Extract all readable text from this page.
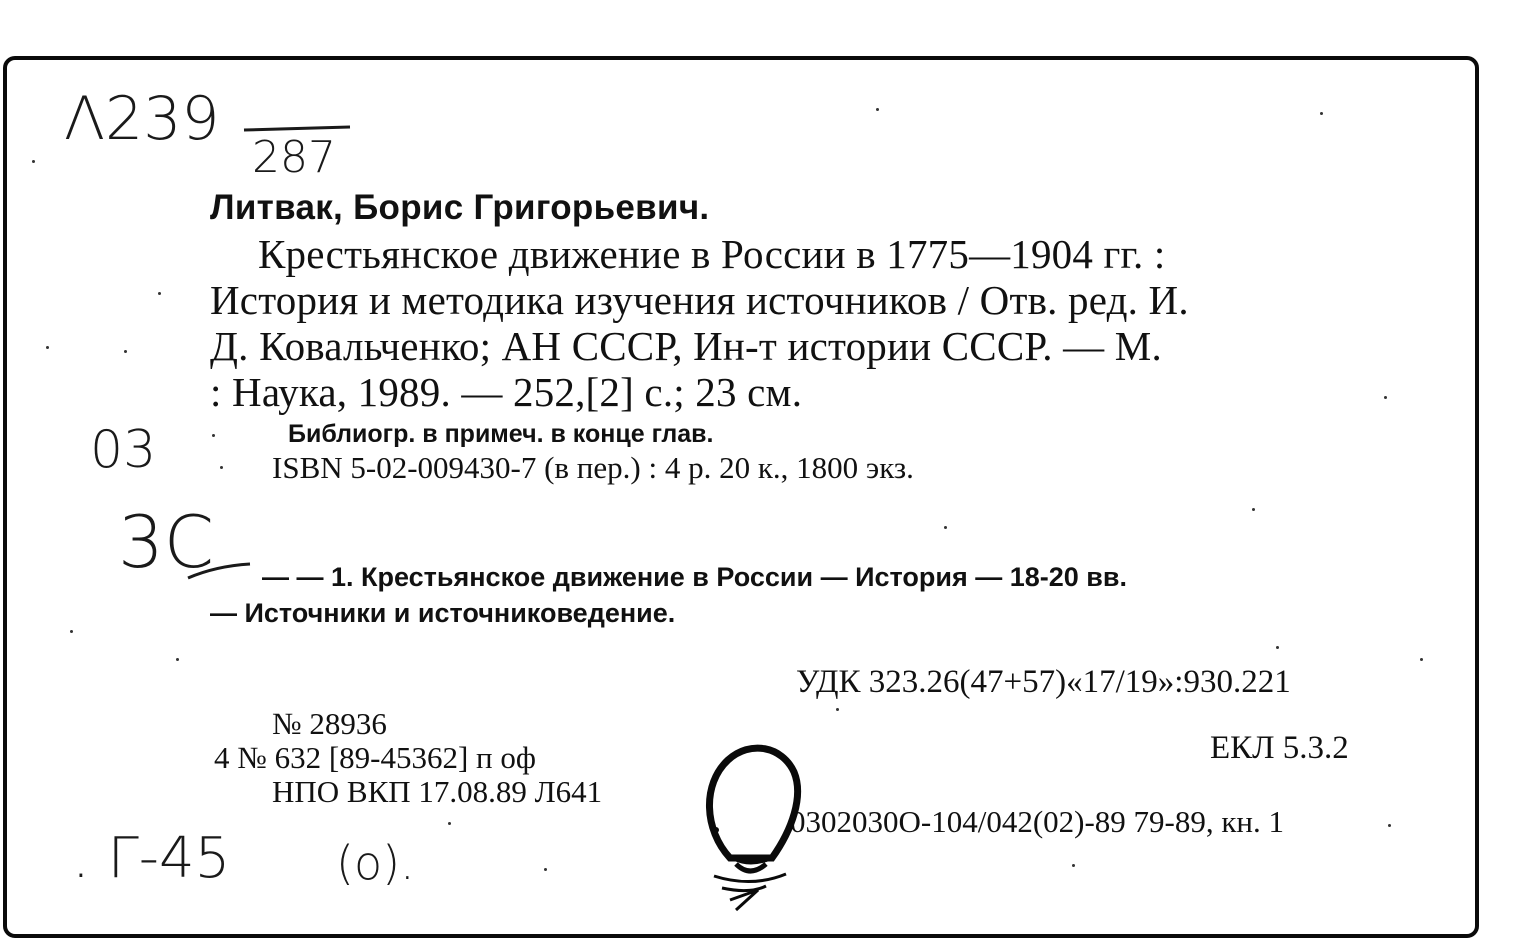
Λ239
287
03
3C
. Г-45 (о).
Литвак, Борис Григорьевич.
Крестьянское движение в России в 1775—1904 гг. :
История и методика изучения источников / Отв. ред. И.
Д. Ковальченко; АН СССР, Ин-т истории СССР. — М.
: Наука, 1989. — 252,[2] с.; 23 см.
Библиогр. в примеч. в конце глав.
ISBN 5-02-009430-7 (в пер.) : 4 р. 20 к., 1800 экз.
— — 1. Крестьянское движение в России — История — 18-20 вв.
— Источники и источниковедение.
УДК 323.26(47+57)«17/19»:930.221
№ 28936
4 № 632 [89-45362] п оф
НПО ВКП 17.08.89 Л641
ЕКЛ 5.3.2
0302030О-104/042(02)-89 79-89, кн. 1
